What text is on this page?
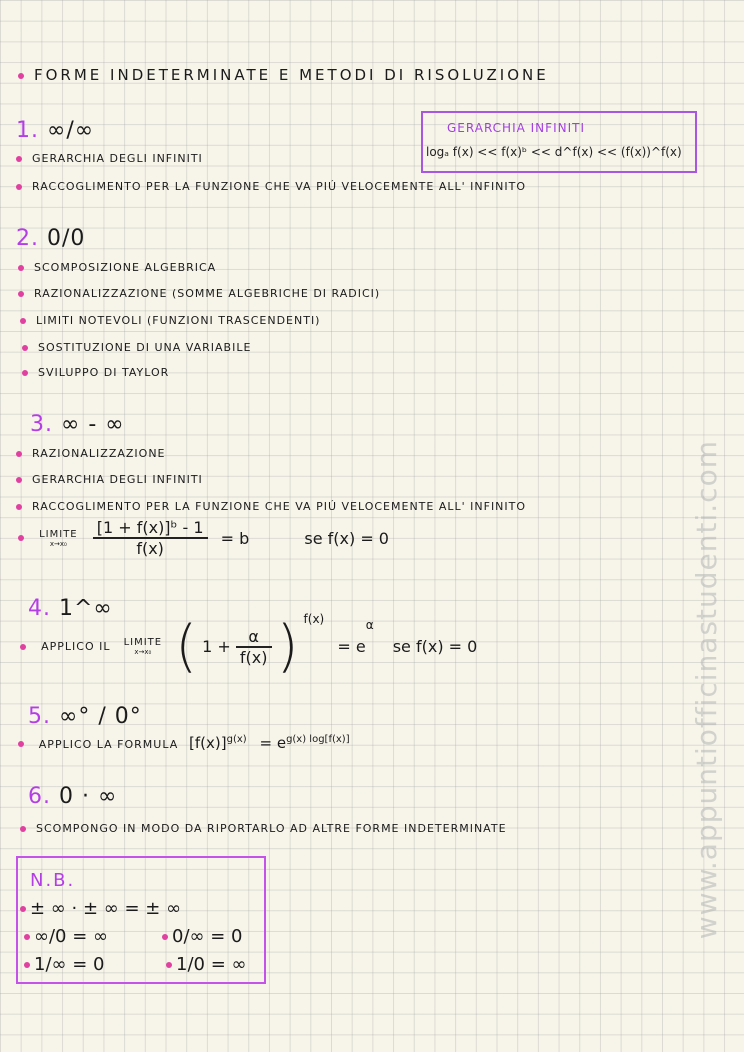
FORME INDETERMINATE E METODI DI RISOLUZIONE
GERARCHIA INFINITI
logₐ f(x) << f(x)ᵇ << d^f(x) << (f(x))^f(x)
1. ∞/∞
GERARCHIA DEGLI INFINITI
RACCOGLIMENTO PER LA FUNZIONE CHE VA PIÚ VELOCEMENTE ALL' INFINITO
2. 0/0
SCOMPOSIZIONE ALGEBRICA
RAZIONALIZZAZIONE (SOMME ALGEBRICHE DI RADICI)
LIMITI NOTEVOLI (FUNZIONI TRASCENDENTI)
SOSTITUZIONE DI UNA VARIABILE
SVILUPPO DI TAYLOR
3. ∞ - ∞
RAZIONALIZZAZIONE
GERARCHIA DEGLI INFINITI
RACCOGLIMENTO PER LA FUNZIONE CHE VA PIÚ VELOCEMENTE ALL' INFINITO

LIMITE
x→x₀
	$\frac{\text{[1 + f(x)]ᵇ - 1}}{f(x)} = b$	se f(x) = 0
4. 1^∞
APPLICO IL LIMITE
x→x₀ ( $1 + \frac{\alpha}{f(x)}$ ) $^{f(x)} = e^\alpha$ se f(x) = 0
5. ∞° / 0°
APPLICO LA FORMULA $[f(x)]^{g(x)} = e^{g(x) log[f(x)]}$
6. 0 · ∞
SCOMPONGO IN MODO DA RIPORTARLO AD ALTRE FORME INDETERMINATE
N.B.
± ∞ · ± ∞ = ± ∞
∞/0 = ∞	0/∞ = 0
1/∞ = 0	1/0 = ∞
www.appuntiofficinastudenti.com
